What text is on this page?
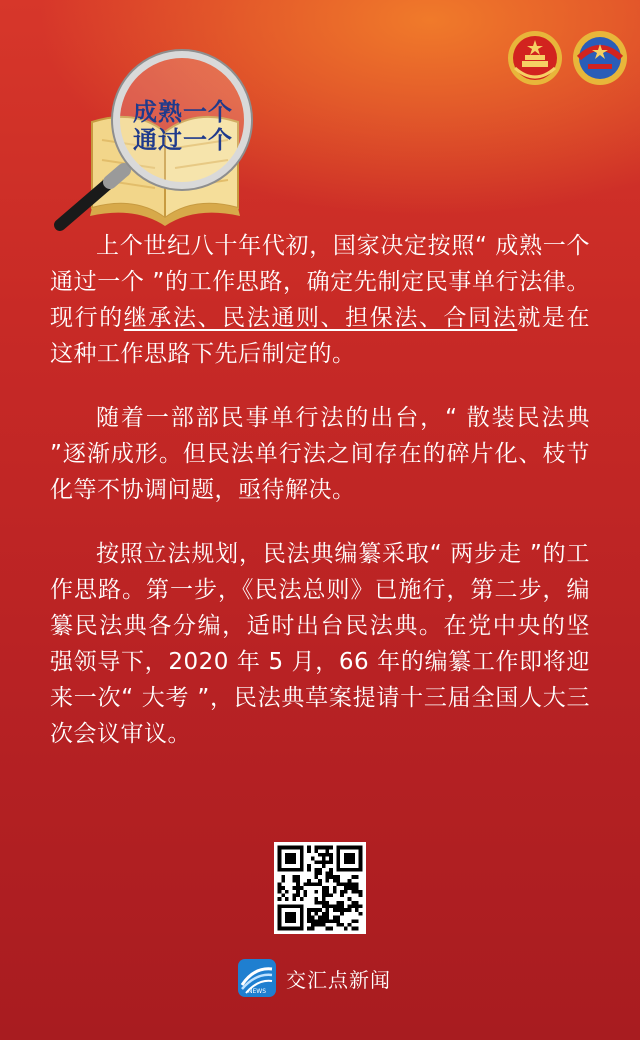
成熟一个
通过一个

上个世纪八十年代初，国家决定按照“ 成熟一个通过一个 ”的工作思路，确定先制定民事单行法律。现行的继承法、民法通则、担保法、合同法就是在这种工作思路下先后制定的。

随着一部部民事单行法的出台，“ 散装民法典 ”逐渐成形。但民法单行法之间存在的碎片化、枝节化等不协调问题，亟待解决。

按照立法规划，民法典编纂采取“ 两步走 ”的工作思路。第一步，《民法总则》已施行，第二步，编纂民法典各分编，适时出台民法典。在党中央的坚强领导下，2020 年 5 月，66 年的编纂工作即将迎来一次“ 大考 ”，民法典草案提请十三届全国人大三次会议审议。

NEWS 交汇点新闻
